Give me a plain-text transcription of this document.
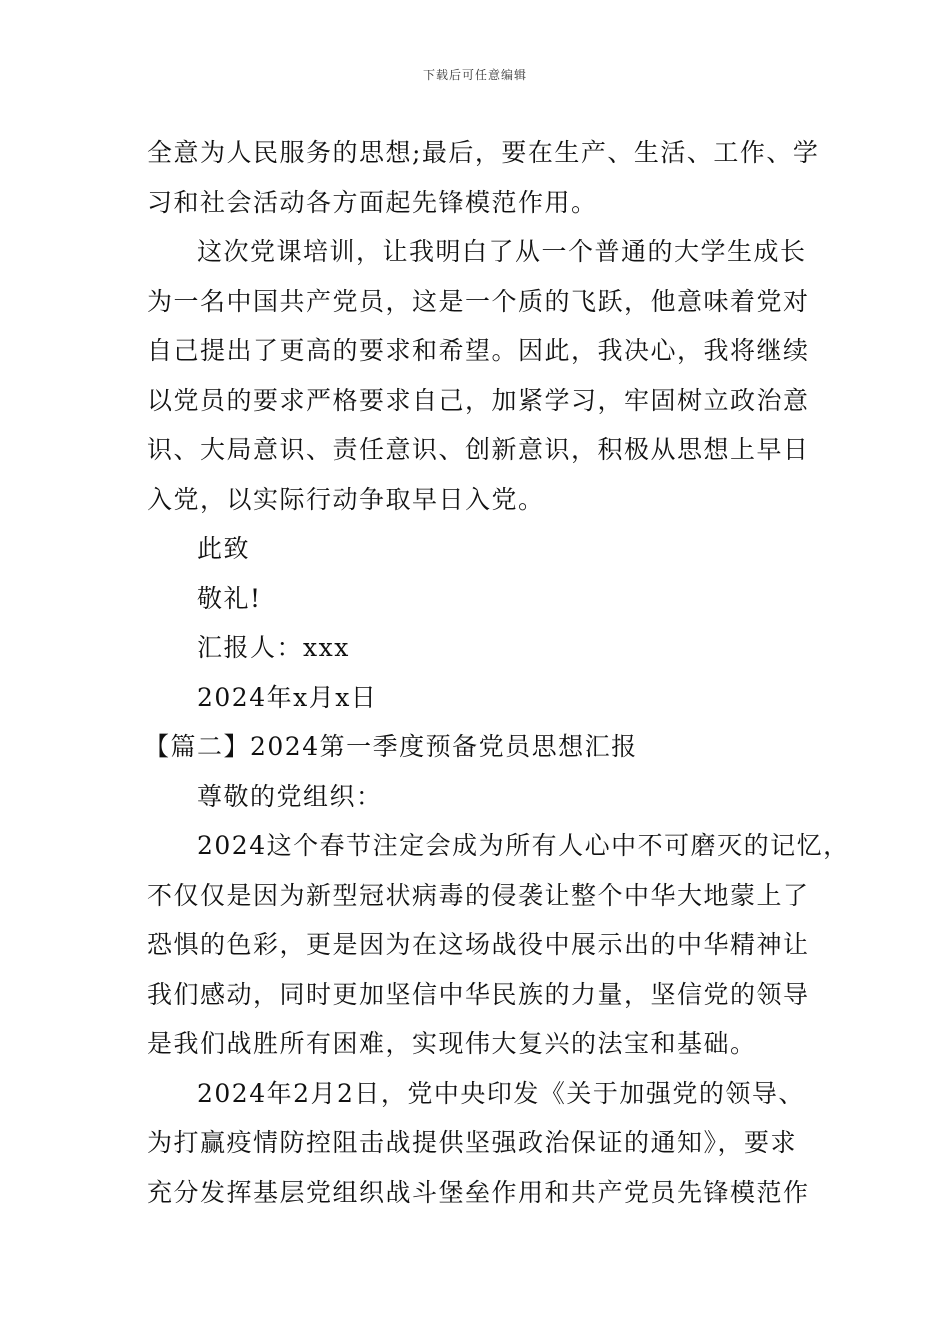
下载后可任意编辑
全意为人民服务的思想;最后，要在生产、生活、工作、学
习和社会活动各方面起先锋模范作用。
这次党课培训，让我明白了从一个普通的大学生成长
为一名中国共产党员，这是一个质的飞跃，他意味着党对
自己提出了更高的要求和希望。因此，我决心，我将继续
以党员的要求严格要求自己，加紧学习，牢固树立政治意
识、大局意识、责任意识、创新意识，积极从思想上早日
入党，以实际行动争取早日入党。
此致
敬礼!
汇报人：xxx
2024年x月x日
【篇二】2024第一季度预备党员思想汇报
尊敬的党组织：
2024这个春节注定会成为所有人心中不可磨灭的记忆，
不仅仅是因为新型冠状病毒的侵袭让整个中华大地蒙上了
恐惧的色彩，更是因为在这场战役中展示出的中华精神让
我们感动，同时更加坚信中华民族的力量，坚信党的领导
是我们战胜所有困难，实现伟大复兴的法宝和基础。
2024年2月2日，党中央印发《关于加强党的领导、
为打赢疫情防控阻击战提供坚强政治保证的通知》，要求
充分发挥基层党组织战斗堡垒作用和共产党员先锋模范作
